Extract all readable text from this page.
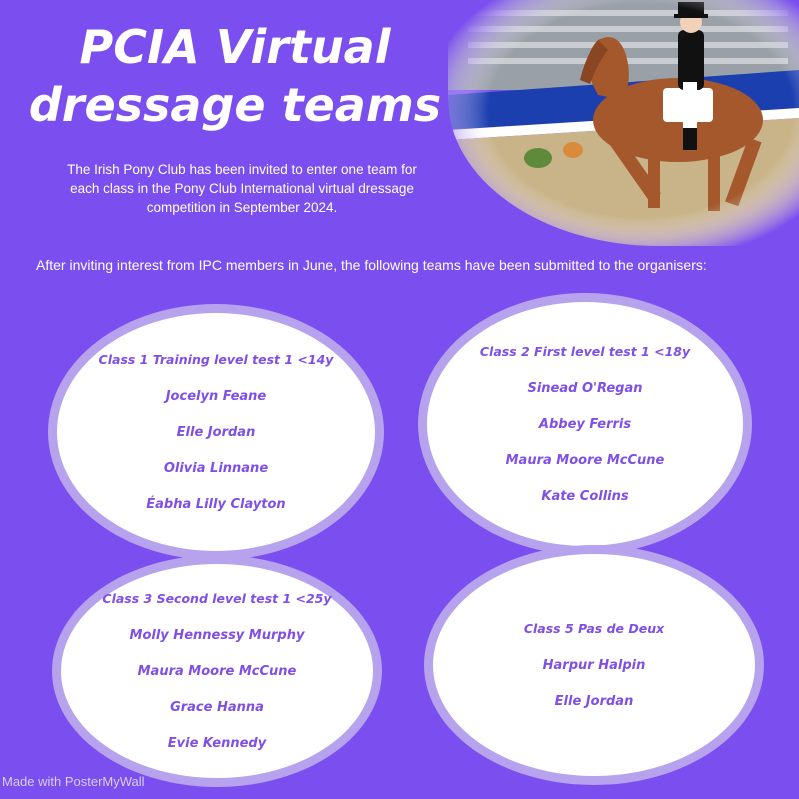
PCIA Virtual
dressage teams

The Irish Pony Club has been invited to enter one team for each class in the Pony Club International virtual dressage competition in September 2024.

After inviting interest from IPC members in June, the following teams have been submitted to the organisers:

Class 1 Training level test 1 <14y
Jocelyn Feane
Elle Jordan
Olivia Linnane
Éabha Lilly Clayton
Class 2 First level test 1 <18y
Sinead O'Regan
Abbey Ferris
Maura Moore McCune
Kate Collins
Class 3 Second level test 1 <25y
Molly Hennessy Murphy
Maura Moore McCune
Grace Hanna
Evie Kennedy
Class 5 Pas de Deux
Harpur Halpin
Elle Jordan
Made with PosterMyWall
